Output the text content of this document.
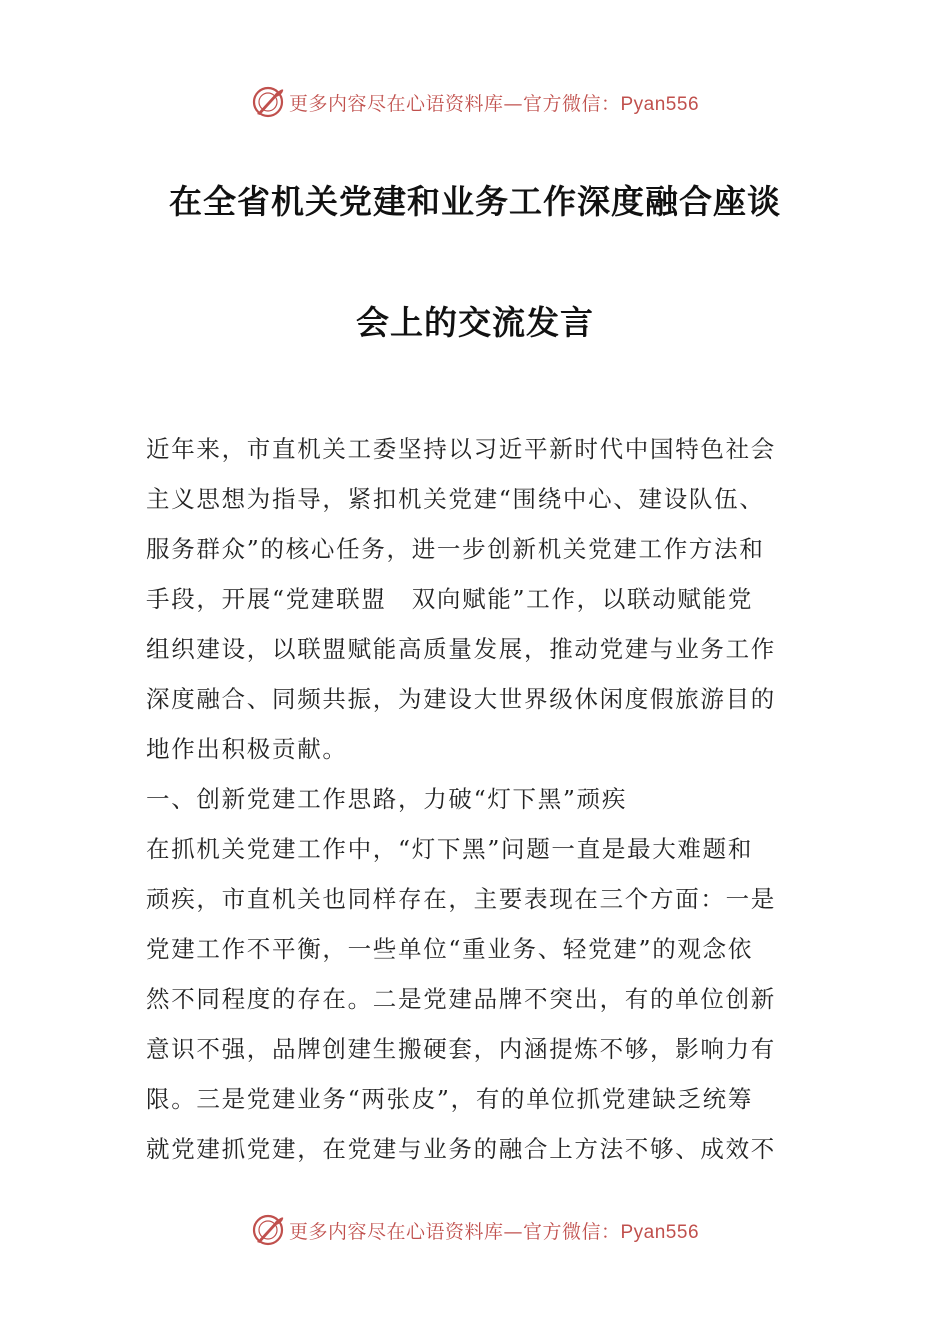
更多内容尽在心语资料库—官方微信：Pyan556
在全省机关党建和业务工作深度融合座谈
会上的交流发言
近年来，市直机关工委坚持以习近平新时代中国特色社会
主义思想为指导，紧扣机关党建“围绕中心、建设队伍、
服务群众”的核心任务，进一步创新机关党建工作方法和
手段，开展“党建联盟　双向赋能”工作，以联动赋能党
组织建设，以联盟赋能高质量发展，推动党建与业务工作
深度融合、同频共振，为建设大世界级休闲度假旅游目的
地作出积极贡献。
一、创新党建工作思路，力破“灯下黑”顽疾
在抓机关党建工作中，“灯下黑”问题一直是最大难题和
顽疾，市直机关也同样存在，主要表现在三个方面：一是
党建工作不平衡，一些单位“重业务、轻党建”的观念依
然不同程度的存在。二是党建品牌不突出，有的单位创新
意识不强，品牌创建生搬硬套，内涵提炼不够，影响力有
限。三是党建业务“两张皮”，有的单位抓党建缺乏统筹
就党建抓党建，在党建与业务的融合上方法不够、成效不
更多内容尽在心语资料库—官方微信：Pyan556
